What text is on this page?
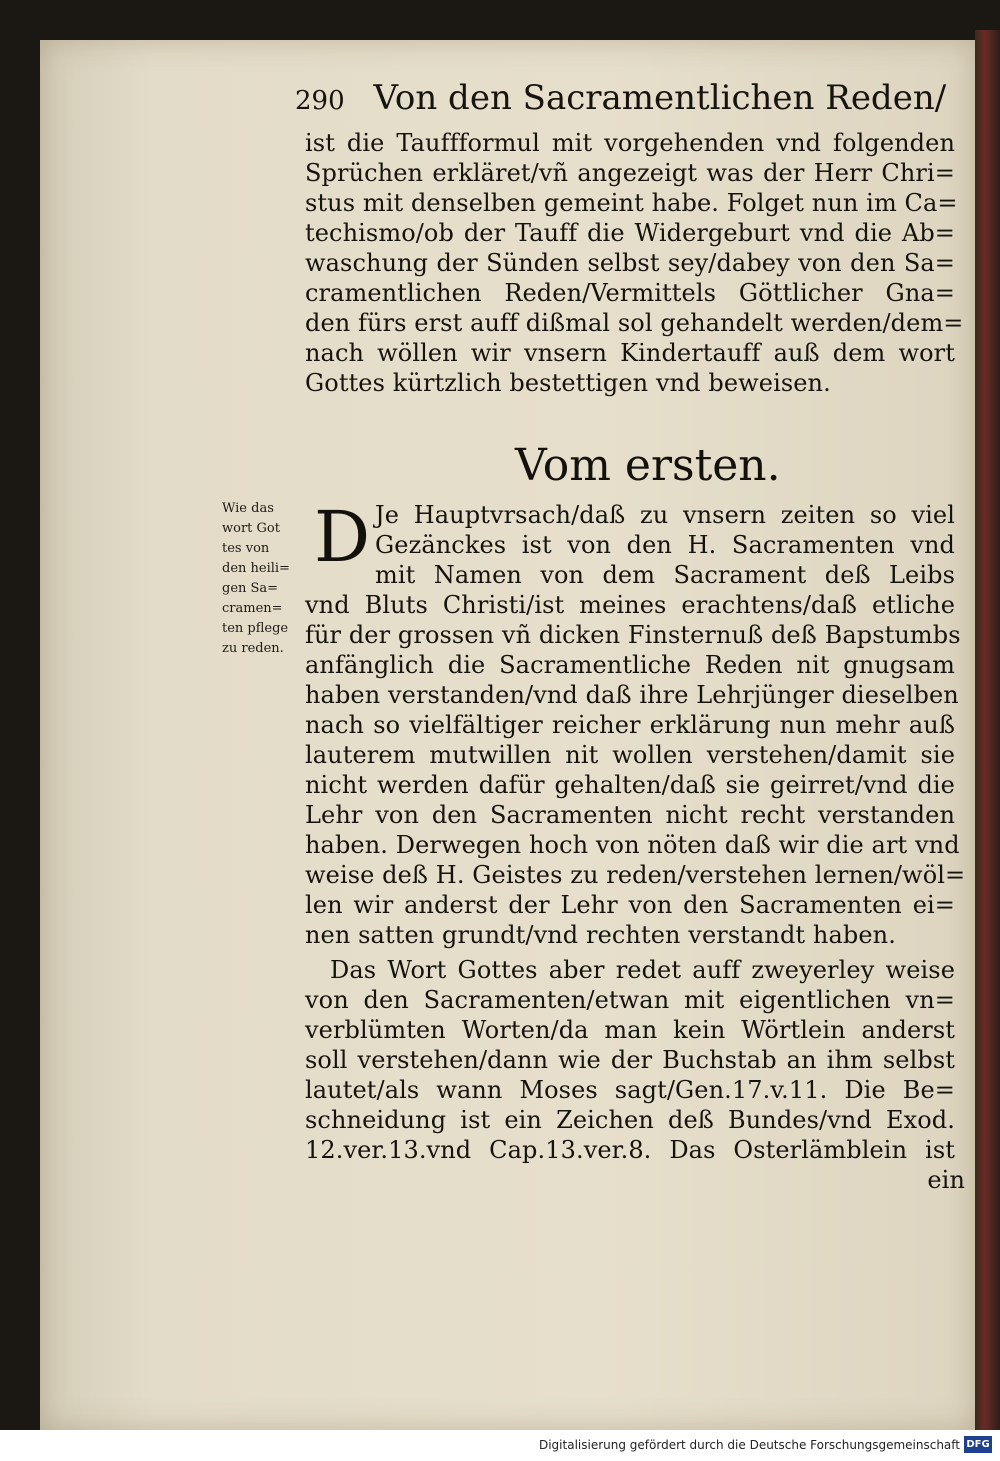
290 Von den Sacramentlichen Reden/
ist die Tauffformul mit vorgehenden vnd folgenden
Sprüchen erkläret/vñ angezeigt was der Herr Chri=
stus mit denselben gemeint habe. Folget nun im Ca=
techismo/ob der Tauff die Widergeburt vnd die Ab=
waschung der Sünden selbst sey/dabey von den Sa=
cramentlichen Reden/Vermittels Göttlicher Gna=
den fürs erst auff dißmal sol gehandelt werden/dem=
nach wöllen wir vnsern Kindertauff auß dem wort
Gottes kürtzlich bestettigen vnd beweisen.
Vom ersten.
D
Wie das
wort Got
tes von
den heili=
gen Sa=
cramen=
ten pflege
zu reden.
Je Hauptvrsach/daß zu vnsern zeiten so viel
Gezänckes ist von den H. Sacramenten vnd
mit Namen von dem Sacrament deß Leibs
vnd Bluts Christi/ist meines erachtens/daß etliche
für der grossen vñ dicken Finsternuß deß Bapstumbs
anfänglich die Sacramentliche Reden nit gnugsam
haben verstanden/vnd daß ihre Lehrjünger dieselben
nach so vielfältiger reicher erklärung nun mehr auß
lauterem mutwillen nit wollen verstehen/damit sie
nicht werden dafür gehalten/daß sie geirret/vnd die
Lehr von den Sacramenten nicht recht verstanden
haben. Derwegen hoch von nöten daß wir die art vnd
weise deß H. Geistes zu reden/verstehen lernen/wöl=
len wir anderst der Lehr von den Sacramenten ei=
nen satten grundt/vnd rechten verstandt haben.
Das Wort Gottes aber redet auff zweyerley weise
von den Sacramenten/etwan mit eigentlichen vn=
verblümten Worten/da man kein Wörtlein anderst
soll verstehen/dann wie der Buchstab an ihm selbst
lautet/als wann Moses sagt/Gen.17.v.11. Die Be=
schneidung ist ein Zeichen deß Bundes/vnd Exod.
12.ver.13.vnd Cap.13.ver.8. Das Osterlämblein ist
ein
Digitalisierung gefördert durch die Deutsche Forschungsgemeinschaft DFG
